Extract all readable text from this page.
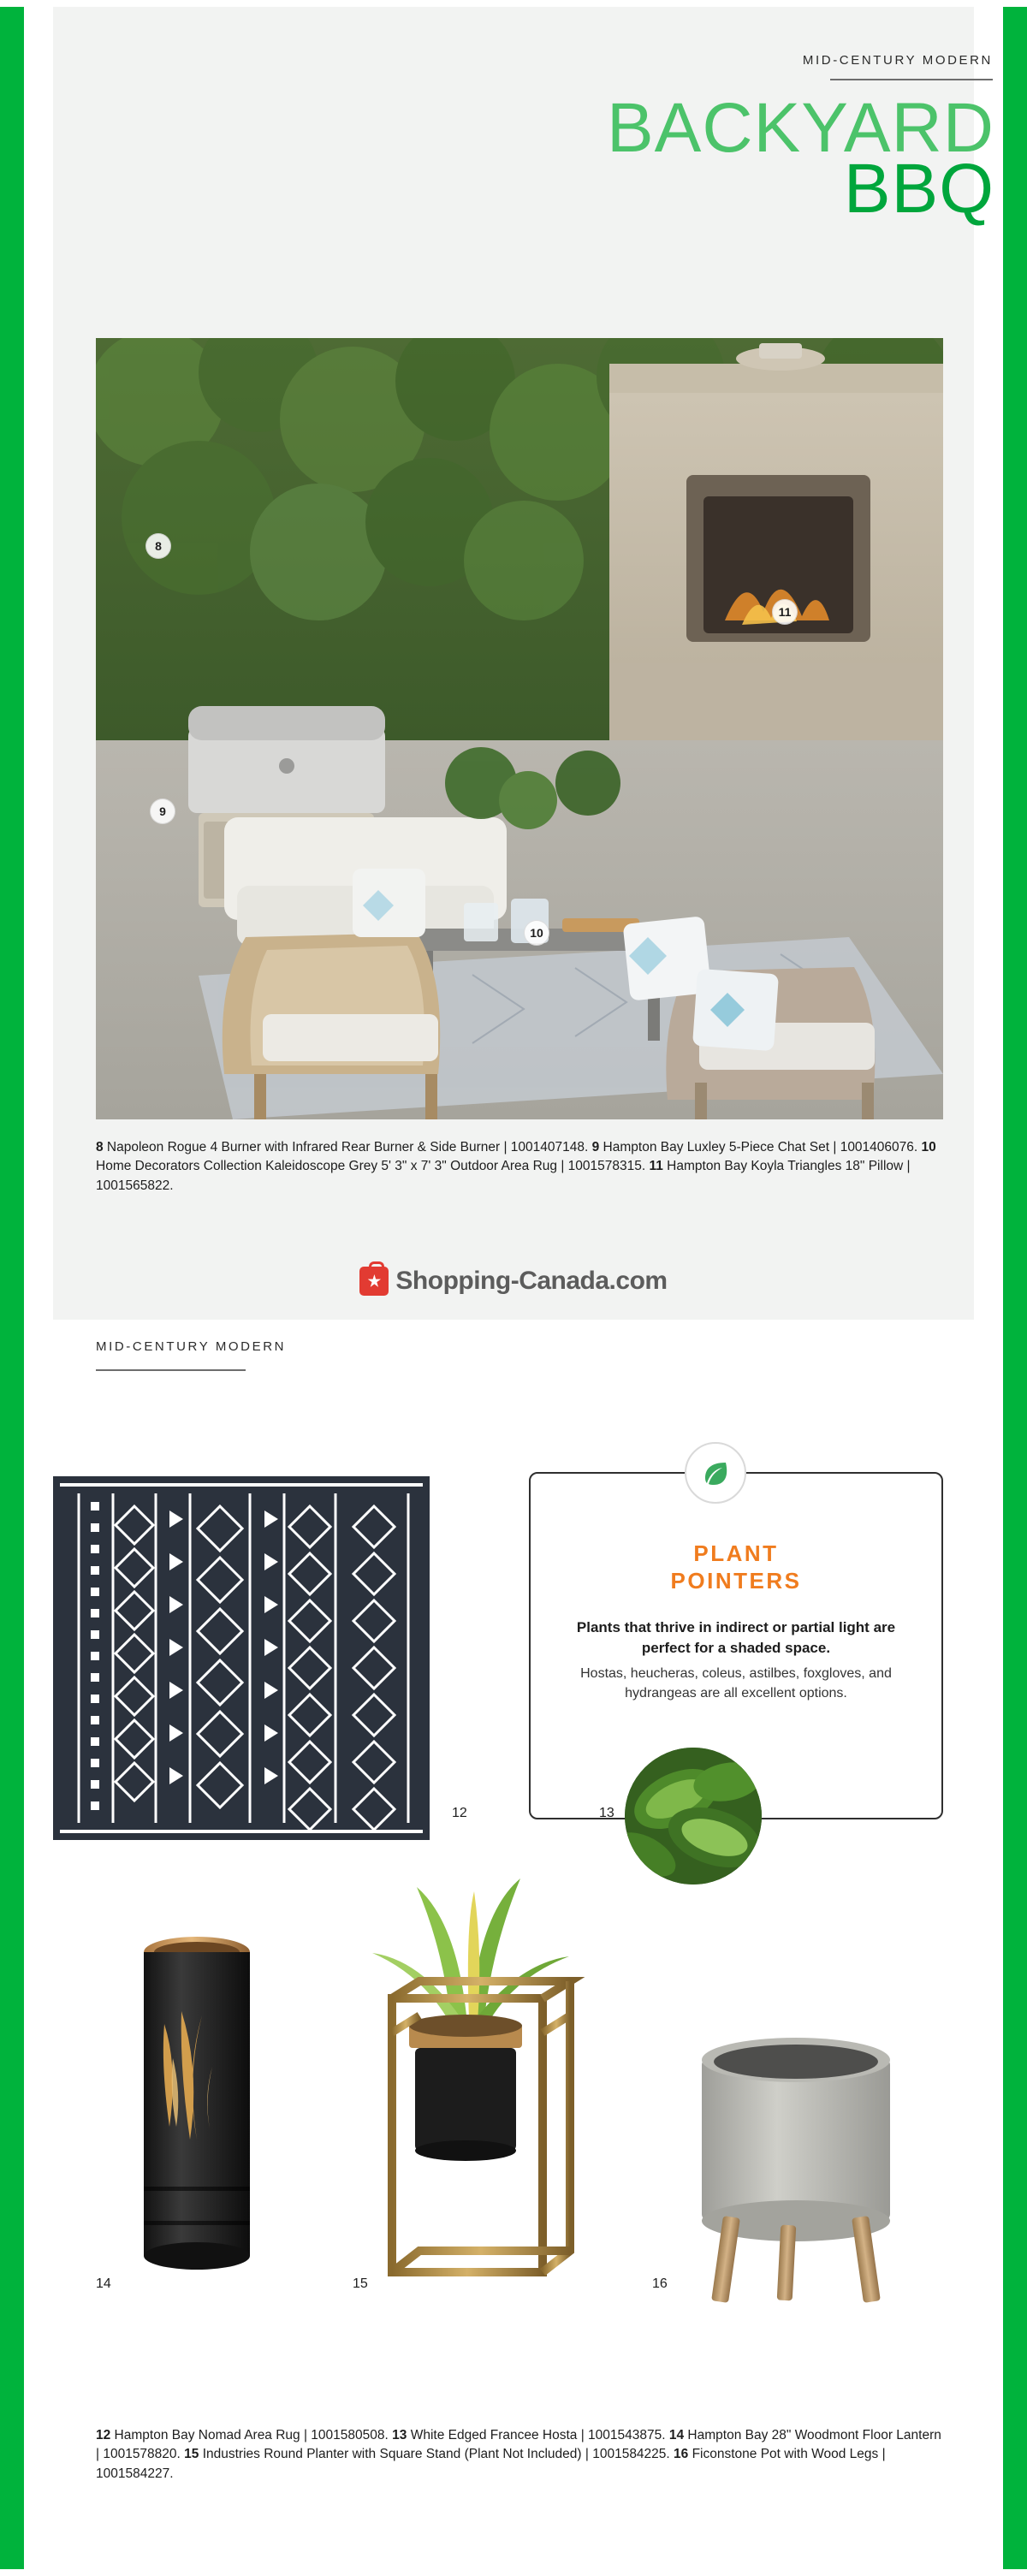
MID-CENTURY MODERN
BACKYARD
BBQ
8
9
10
11
8 Napoleon Rogue 4 Burner with Infrared Rear Burner & Side Burner | 1001407148. 9 Hampton Bay Luxley 5-Piece Chat Set | 1001406076. 10 Home Decorators Collection Kaleidoscope Grey 5' 3" x 7' 3" Outdoor Area Rug | 1001578315. 11 Hampton Bay Koyla Triangles 18" Pillow | 1001565822.
Shopping-Canada.com
MID-CENTURY MODERN
12
PLANT
POINTERS
Plants that thrive in indirect or partial light are perfect for a shaded space.
Hostas, heucheras, coleus, astilbes, foxgloves, and hydrangeas are all excellent options.
13
14	15	16
12 Hampton Bay Nomad Area Rug | 1001580508. 13 White Edged Francee Hosta | 1001543875. 14 Hampton Bay 28" Woodmont Floor Lantern | 1001578820. 15 Industries Round Planter with Square Stand (Plant Not Included) | 1001584225. 16 Ficonstone Pot with Wood Legs | 1001584227.
